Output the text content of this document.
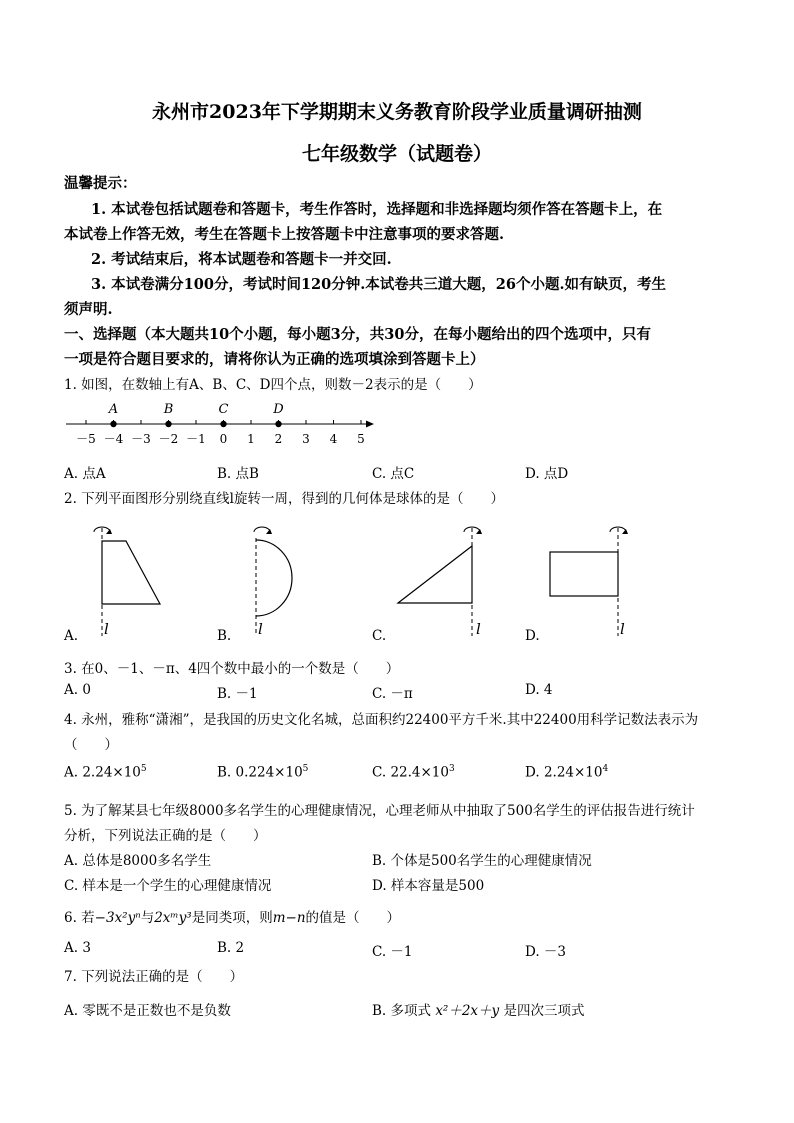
永州市2023年下学期期末义务教育阶段学业质量调研抽测
七年级数学（试题卷）
温馨提示：
1. 本试卷包括试题卷和答题卡，考生作答时，选择题和非选择题均须作答在答题卡上，在
本试卷上作答无效，考生在答题卡上按答题卡中注意事项的要求答题.
2. 考试结束后，将本试题卷和答题卡一并交回.
3. 本试卷满分100分，考试时间120分钟.本试卷共三道大题，26个小题.如有缺页，考生
须声明.
一、选择题（本大题共10个小题，每小题3分，共30分，在每小题给出的四个选项中，只有
一项是符合题目要求的，请将你认为正确的选项填涂到答题卡上）
1. 如图，在数轴上有A、B、C、D四个点，则数－2表示的是（　　）
－5 －4 －3 －2 －1 0 1 2 3 4 5
A	B	C	D
A. 点A	B. 点B	C. 点C	D. 点D
2. 下列平面图形分别绕直线l旋转一周，得到的几何体是球体的是（　　）
l	l	l	l
A.	B.	C.	D.
3. 在0、－1、－π、4四个数中最小的一个数是（　　）
A. 0	B. －1	C. －π	D. 4
4. 永州，雅称“潇湘”，是我国的历史文化名城，总面积约22400平方千米.其中22400用科学记数法表示为
（　　）
A. $2.24\times 10^5$	B. $0.224\times 10^5$	C. $22.4\times 10^3$	D. $2.24\times 10^4$
5. 为了解某县七年级8000多名学生的心理健康情况，心理老师从中抽取了500名学生的评估报告进行统计
分析，下列说法正确的是（　　）
A. 总体是8000多名学生	B. 个体是500名学生的心理健康情况
C. 样本是一个学生的心理健康情况	D. 样本容量是500
6. 若−3x²yⁿ与2xᵐy³是同类项，则m−n的值是（　　）
A. 3	B. 2	C. －1	D. －3
7. 下列说法正确的是（　　）
A. 零既不是正数也不是负数	B. 多项式 x²＋2x＋y 是四次三项式
